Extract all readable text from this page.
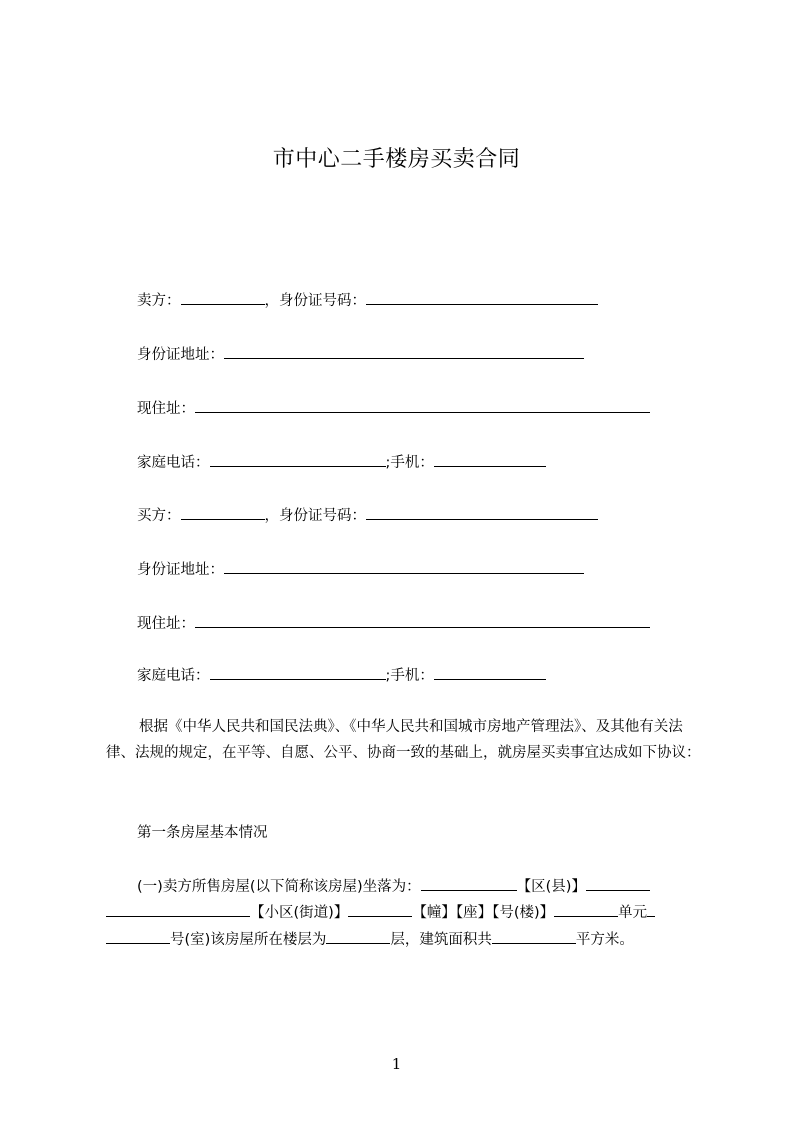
市中心二手楼房买卖合同
卖方：	，身份证号码：
身份证地址：
现住址：
家庭电话：	;手机：
买方：	，身份证号码：
身份证地址：
现住址：
家庭电话：	;手机：
根据《中华人民共和国民法典》、《中华人民共和国城市房地产管理法》、及其他有关法律、法规的规定，在平等、自愿、公平、协商一致的基础上，就房屋买卖事宜达成如下协议：
第一条房屋基本情况
(一)卖方所售房屋(以下简称该房屋)坐落为：	【区(县)】
【小区(街道)】	【幢】【座】【号(楼)】	单元
号(室)该房屋所在楼层为	层，建筑面积共	平方米。
1
